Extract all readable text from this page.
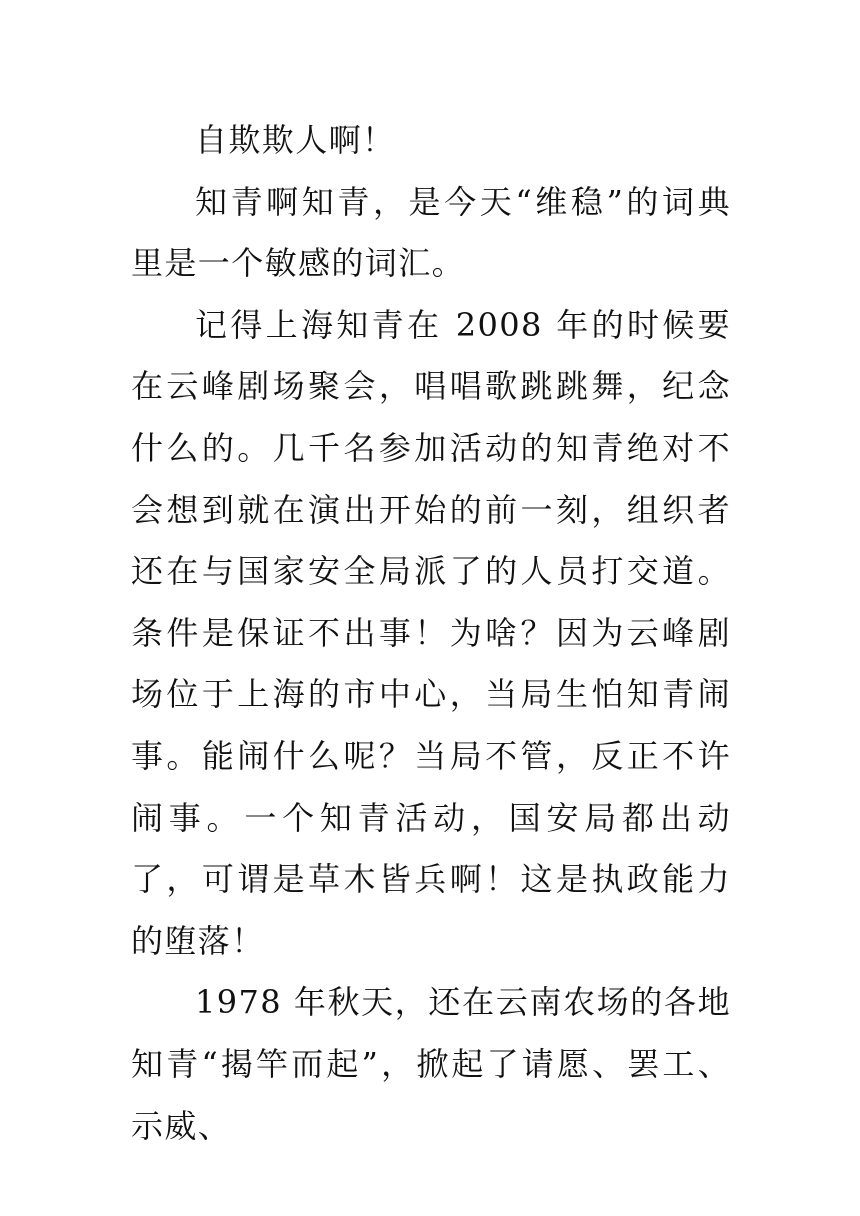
自欺欺人啊！

知青啊知青，是今天“维稳”的词典里是一个敏感的词汇。

记得上海知青在 2008 年的时候要在云峰剧场聚会，唱唱歌跳跳舞，纪念什么的。几千名参加活动的知青绝对不会想到就在演出开始的前一刻，组织者还在与国家安全局派了的人员打交道。条件是保证不出事！为啥？因为云峰剧场位于上海的市中心，当局生怕知青闹事。能闹什么呢？当局不管，反正不许闹事。一个知青活动，国安局都出动了，可谓是草木皆兵啊！这是执政能力的堕落！

1978 年秋天，还在云南农场的各地知青“揭竿而起”，掀起了请愿、罢工、示威、
